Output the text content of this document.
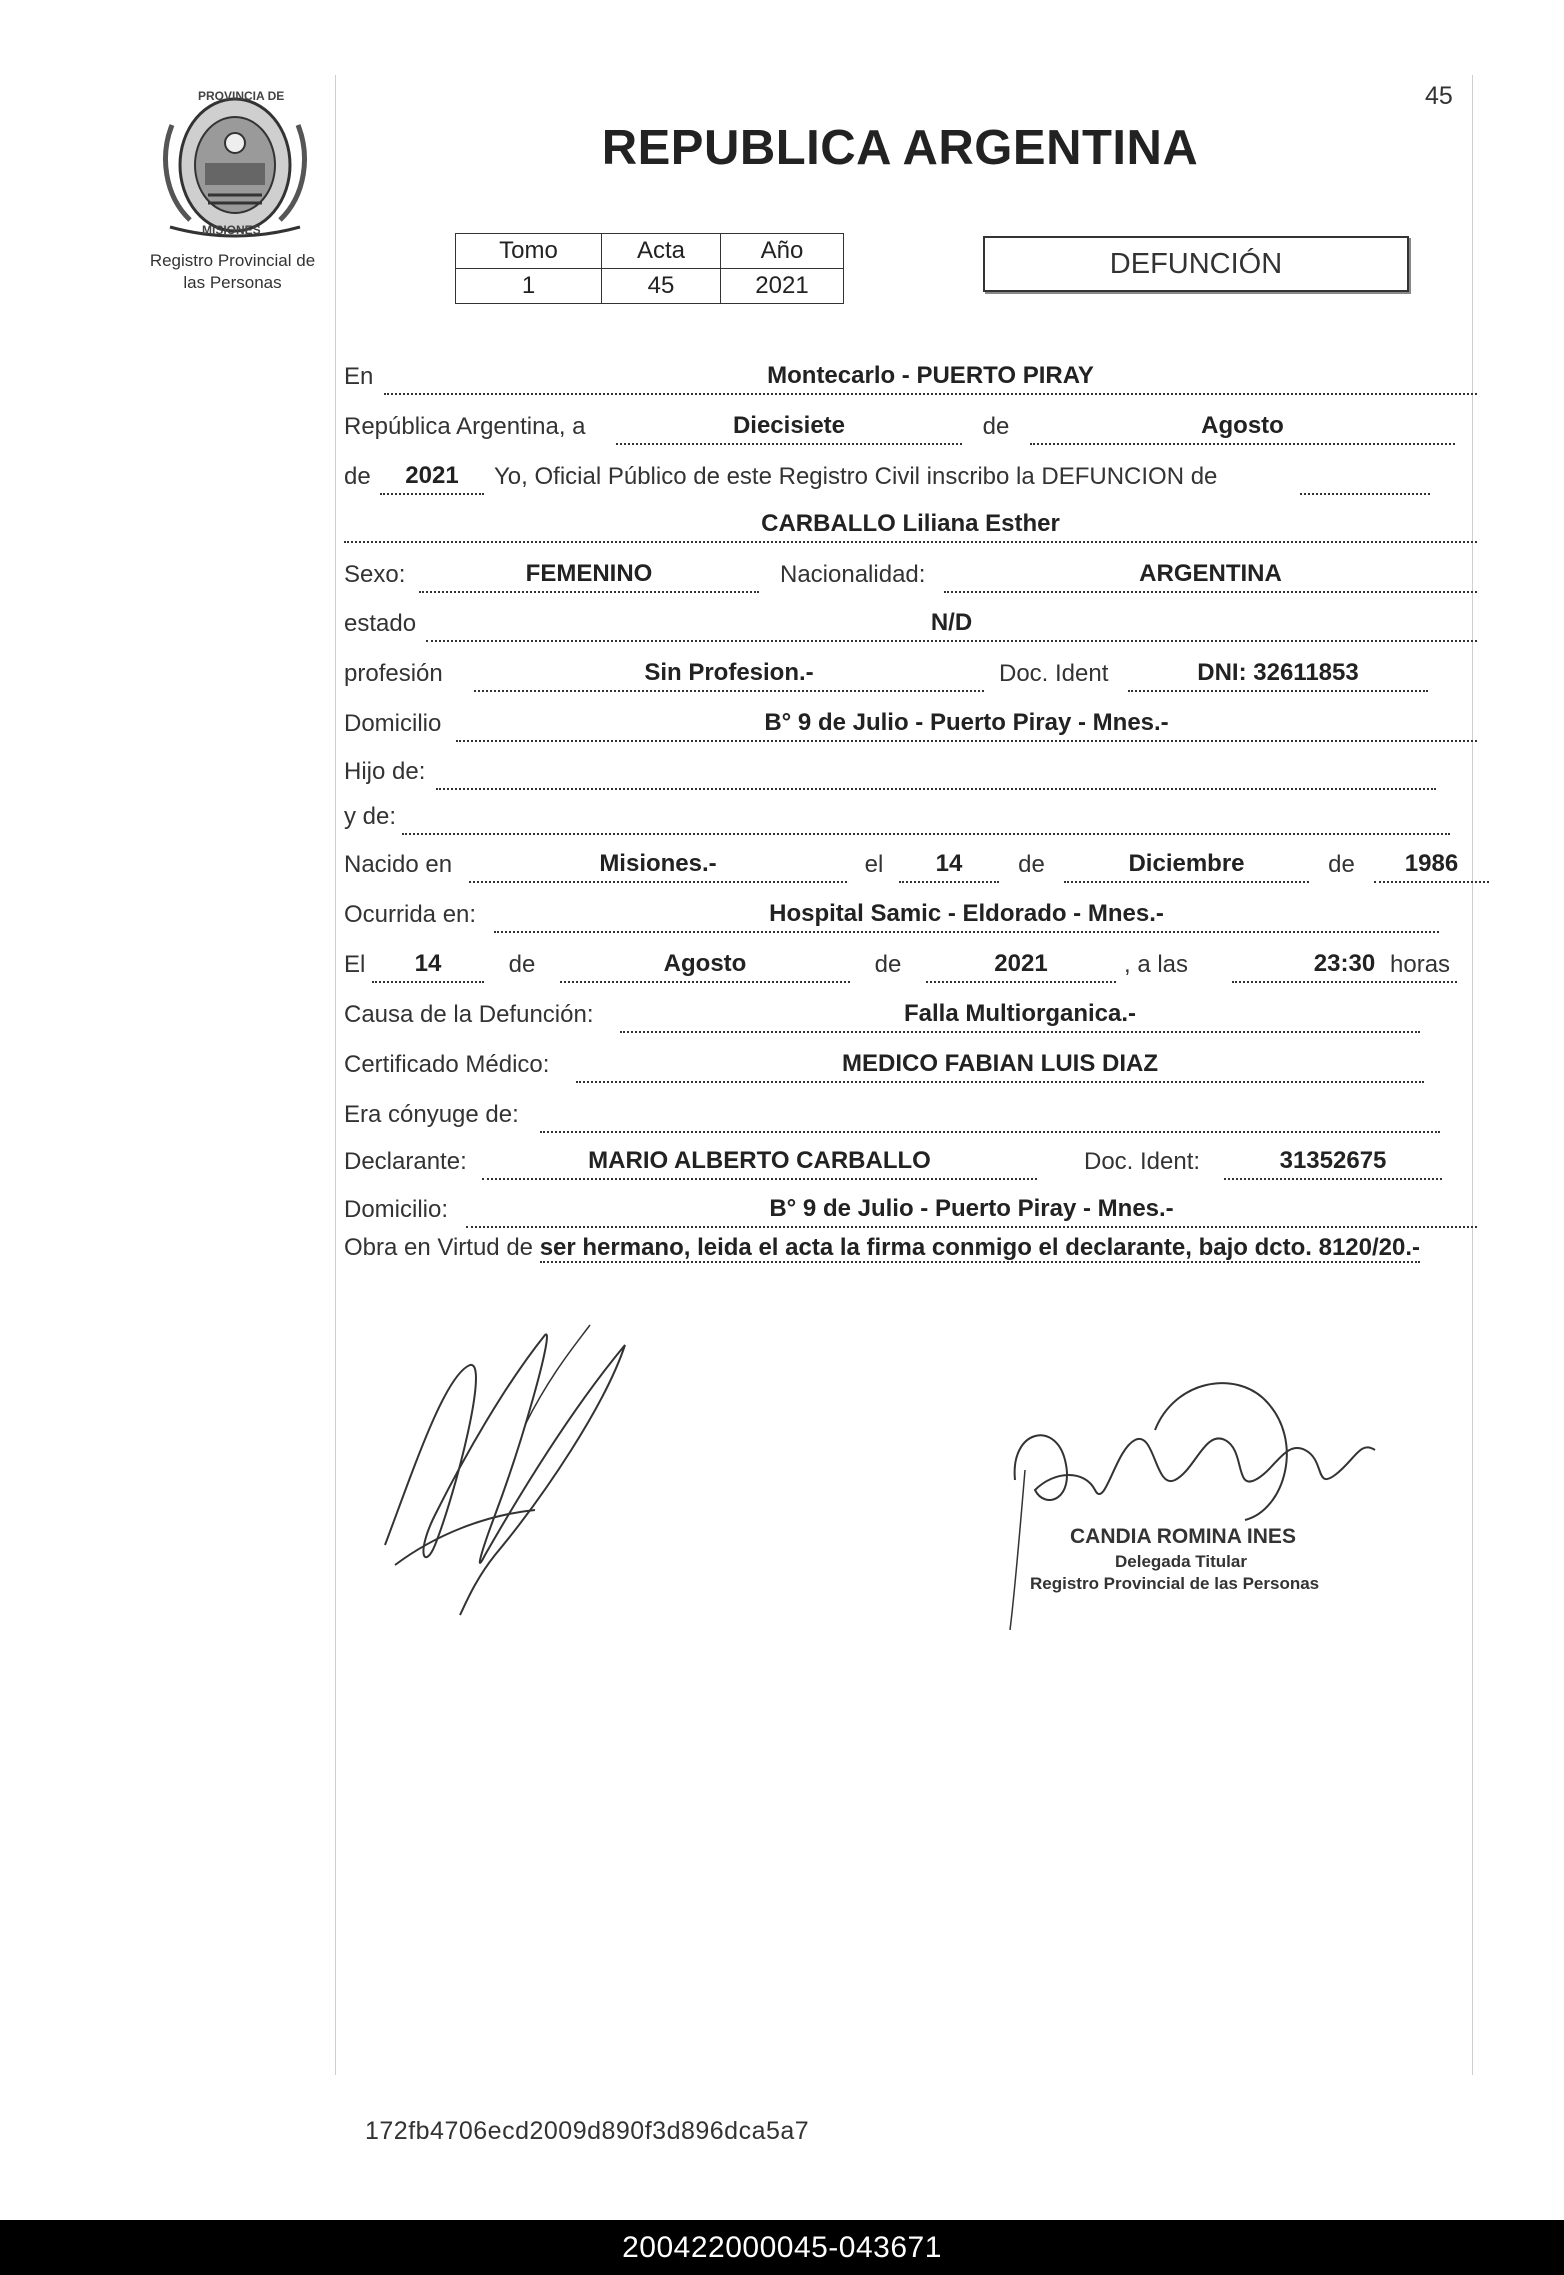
PROVINCIA DE
MISIONES
Registro Provincial de
las Personas
45
REPUBLICA ARGENTINA
Tomo	Acta	Año
1	45	2021
DEFUNCIÓN
En	Montecarlo - PUERTO PIRAY
República Argentina, a	Diecisiete	de	Agosto
de	2021	Yo, Oficial Público de este Registro Civil inscribo la DEFUNCION de
CARBALLO Liliana Esther
Sexo:	FEMENINO	Nacionalidad:	ARGENTINA
estado	N/D
profesión	Sin Profesion.-	Doc. Ident	DNI: 32611853
Domicilio	B° 9 de Julio - Puerto Piray - Mnes.-
Hijo de:
y de:
Nacido en	Misiones.-	el	14	de	Diciembre	de	1986
Ocurrida en:	Hospital Samic - Eldorado - Mnes.-
El	14	de	Agosto	de	2021	, a las	23:30 horas
Causa de la Defunción:	Falla Multiorganica.-
Certificado Médico:	MEDICO FABIAN LUIS DIAZ
Era cónyuge de:
Declarante:	MARIO ALBERTO CARBALLO	Doc. Ident:	31352675
Domicilio:	B° 9 de Julio - Puerto Piray - Mnes.-
Obra en Virtud de ser hermano, leida el acta la firma conmigo el declarante, bajo dcto. 8120/20.-
CANDIA ROMINA INES
Delegada Titular
Registro Provincial de las Personas
172fb4706ecd2009d890f3d896dca5a7
200422000045-043671
